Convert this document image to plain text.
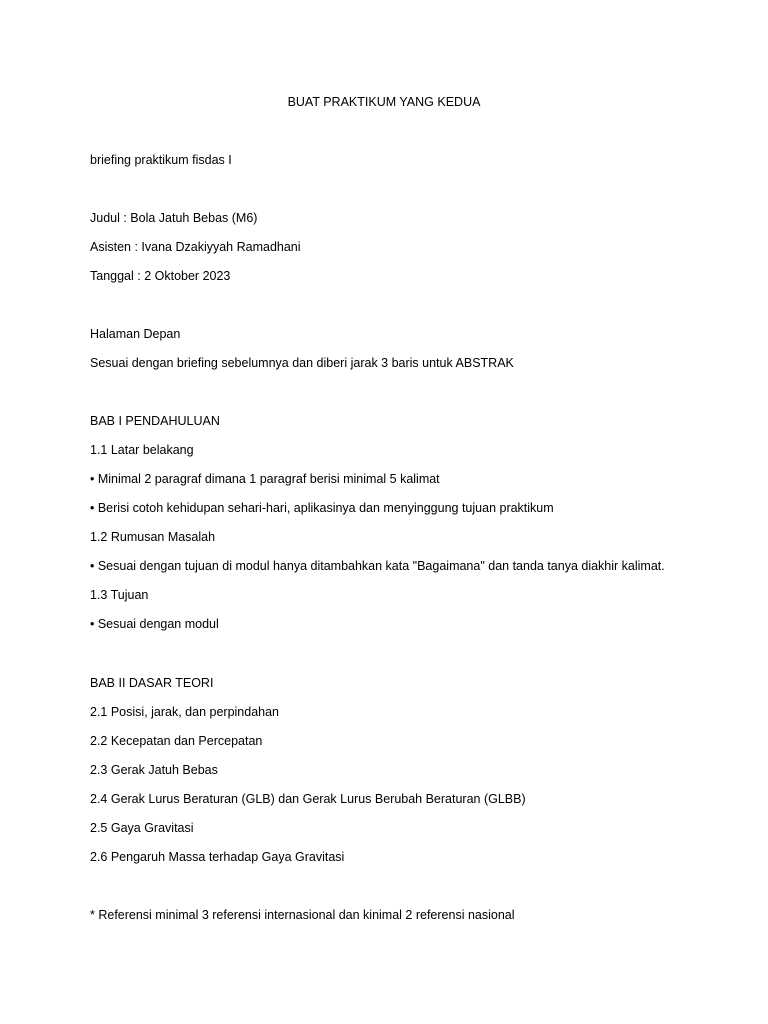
BUAT PRAKTIKUM YANG KEDUA
briefing praktikum fisdas I
Judul : Bola Jatuh Bebas (M6)
Asisten : Ivana Dzakiyyah Ramadhani
Tanggal : 2 Oktober 2023
Halaman Depan
Sesuai dengan briefing sebelumnya dan diberi jarak 3 baris untuk ABSTRAK
BAB I PENDAHULUAN
1.1 Latar belakang
• Minimal 2 paragraf dimana 1 paragraf berisi minimal 5 kalimat
• Berisi cotoh kehidupan sehari-hari, aplikasinya dan menyinggung tujuan praktikum
1.2 Rumusan Masalah
• Sesuai dengan tujuan di modul hanya ditambahkan kata "Bagaimana" dan tanda tanya diakhir kalimat.
1.3 Tujuan
• Sesuai dengan modul
BAB II DASAR TEORI
2.1 Posisi, jarak, dan perpindahan
2.2 Kecepatan dan Percepatan
2.3 Gerak Jatuh Bebas
2.4 Gerak Lurus Beraturan (GLB) dan Gerak Lurus Berubah Beraturan (GLBB)
2.5 Gaya Gravitasi
2.6 Pengaruh Massa terhadap Gaya Gravitasi
* Referensi minimal 3 referensi internasional dan kinimal 2 referensi nasional
